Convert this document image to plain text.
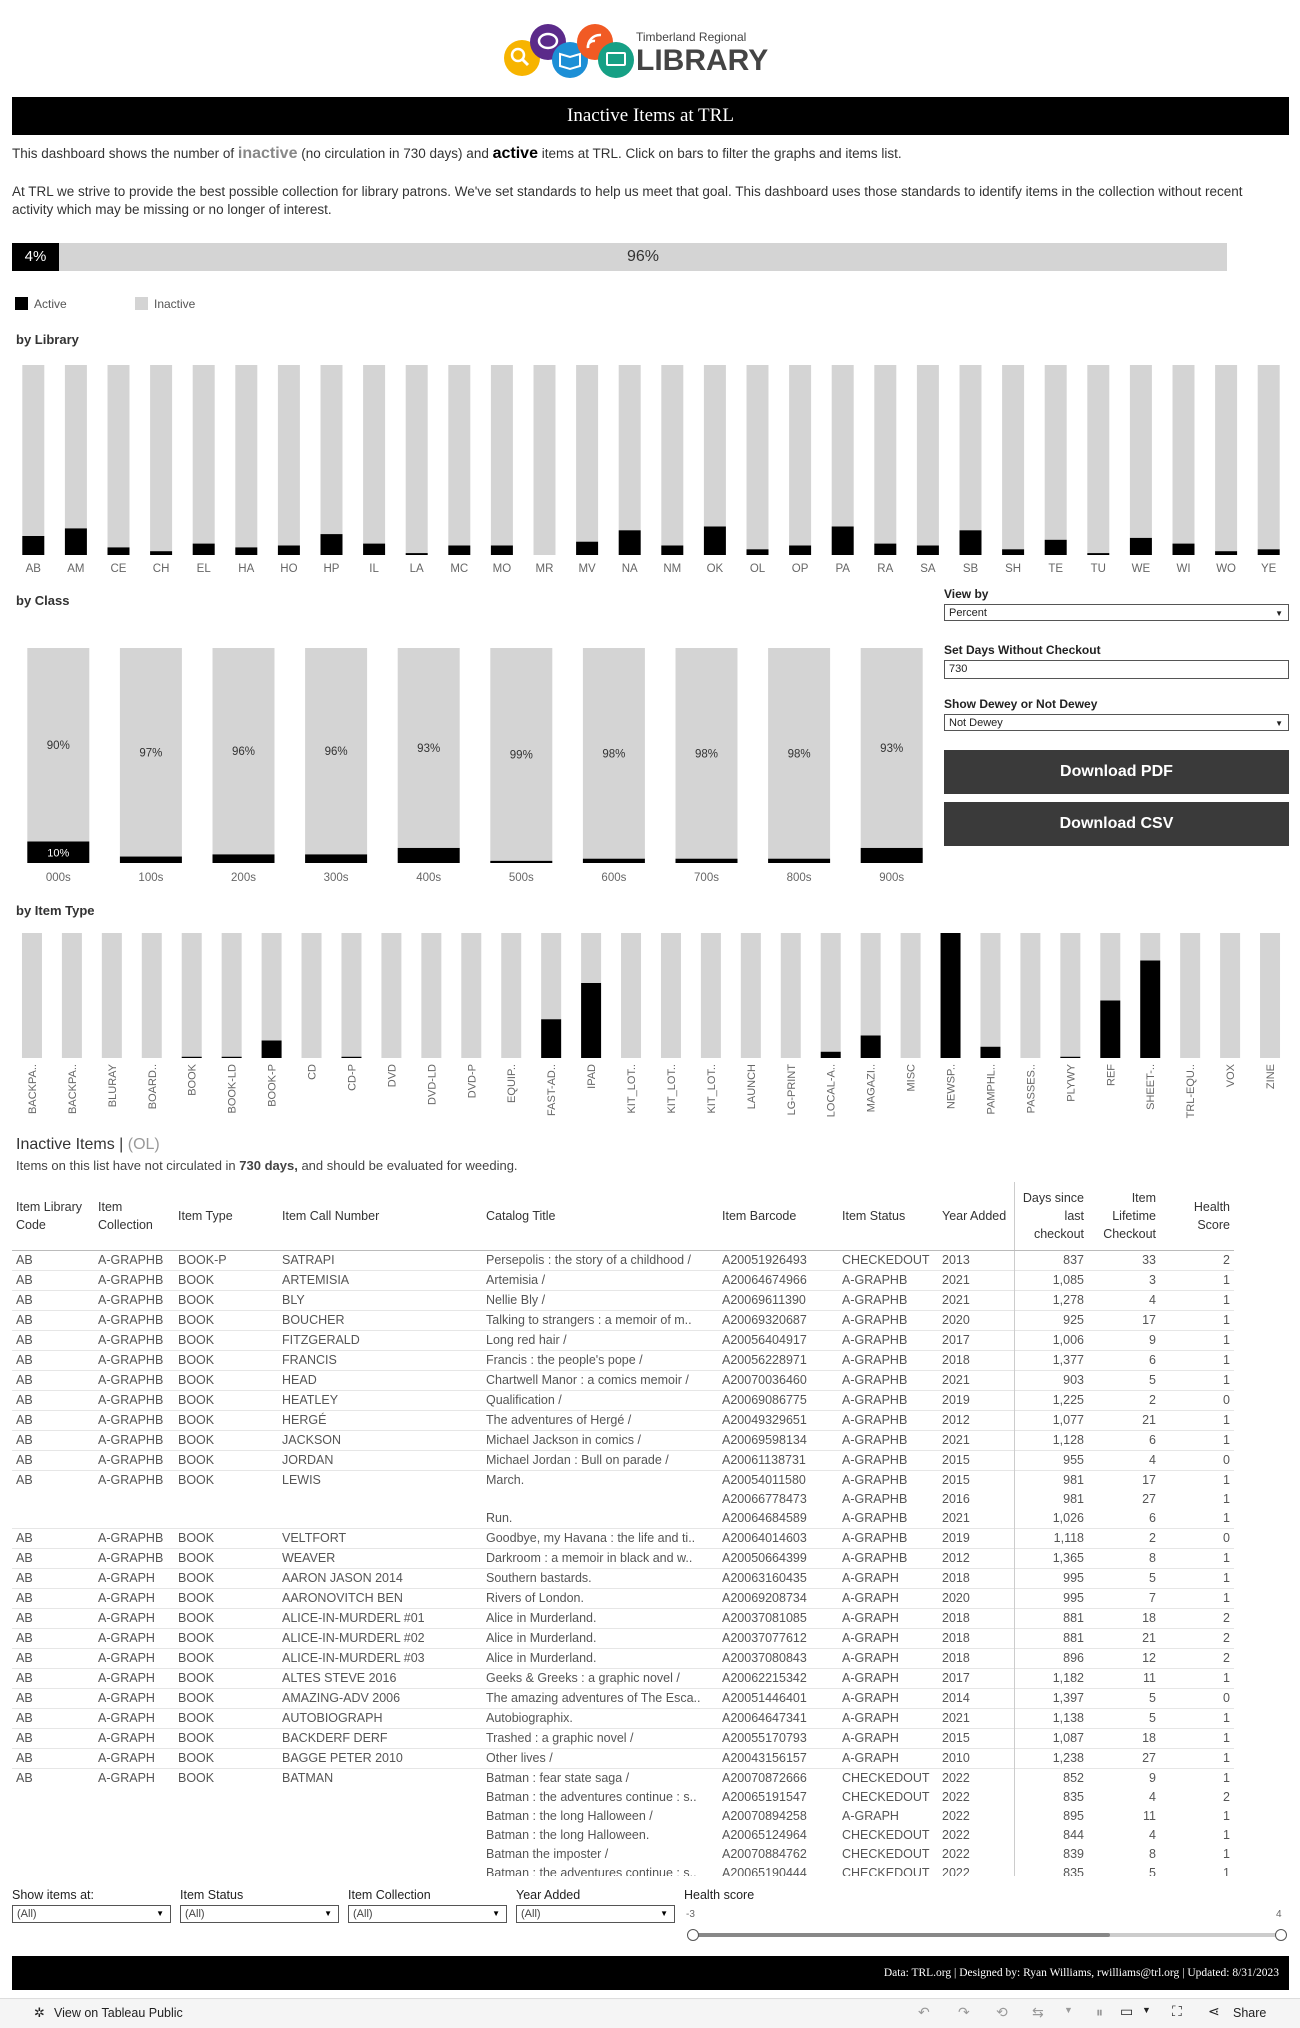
Timberland Regional
LIBRARY
Inactive Items at TRL
This dashboard shows the number of inactive (no circulation in 730 days) and active items at TRL. Click on bars to filter the graphs and items list.
At TRL we strive to provide the best possible collection for library patrons. We've set standards to help us meet that goal. This dashboard uses those standards to identify items in the collection without recent
activity which may be missing or no longer of interest.
4%	96%
Active	Inactive
by Library
AB AM CE CH EL HA HO HP	IL	LA MC MO MR MV NA NM OK OL OP PA RA SA SB SH TE TU WE WI WO YE
by Class
000s
90%
10%
100s
97%
200s
96%
300s
96%
400s
93%
500s
99%
600s
98%
700s
98%
800s
98%
900s
93%
View by
Percent	▼
Set Days Without Checkout
730
Show Dewey or Not Dewey
Not Dewey	▼
Download PDF
Download CSV
by Item Type
BACKPA..	BACKPA..	BLURAY	BOARD..	BOOK	BOOK-LD	BOOK-P	CD	CD-P	DVD	DVD-LD	DVD-P	EQUIP..	FAST-AD..	IPAD	KIT_LOT..	KIT_LOT..	KIT_LOT..	LAUNCH	LG-PRINT	LOCAL-A..	MAGAZI..	MISC	NEWSP..	PAMPHL..	PASSES..	PLYWY	REF	SHEET-..	TRL-EQU..	VOX	ZINE
Inactive Items | (OL)
Items on this list have not circulated in 730 days, and should be evaluated for weeding.
Item Library Code	Item Collection	Item Type	Item Call Number	Catalog Title	Item Barcode	Item Status	Year Added	Days since last checkout	Item Lifetime Checkout	Health Score
AB	A-GRAPHB	BOOK-P	SATRAPI	Persepolis : the story of a childhood /	A20051926493	CHECKEDOUT	2013	837	33	2
AB	A-GRAPHB	BOOK	ARTEMISIA	Artemisia /	A20064674966	A-GRAPHB	2021	1,085	3	1
AB	A-GRAPHB	BOOK	BLY	Nellie Bly /	A20069611390	A-GRAPHB	2021	1,278	4	1
AB	A-GRAPHB	BOOK	BOUCHER	Talking to strangers : a memoir of m..	A20069320687	A-GRAPHB	2020	925	17	1
AB	A-GRAPHB	BOOK	FITZGERALD	Long red hair /	A20056404917	A-GRAPHB	2017	1,006	9	1
AB	A-GRAPHB	BOOK	FRANCIS	Francis : the people's pope /	A20056228971	A-GRAPHB	2018	1,377	6	1
AB	A-GRAPHB	BOOK	HEAD	Chartwell Manor : a comics memoir /	A20070036460	A-GRAPHB	2021	903	5	1
AB	A-GRAPHB	BOOK	HEATLEY	Qualification /	A20069086775	A-GRAPHB	2019	1,225	2	0
AB	A-GRAPHB	BOOK	HERGÉ	The adventures of Hergé /	A20049329651	A-GRAPHB	2012	1,077	21	1
AB	A-GRAPHB	BOOK	JACKSON	Michael Jackson in comics /	A20069598134	A-GRAPHB	2021	1,128	6	1
AB	A-GRAPHB	BOOK	JORDAN	Michael Jordan : Bull on parade /	A20061138731	A-GRAPHB	2015	955	4	0
AB	A-GRAPHB	BOOK	LEWIS	March.	A20054011580	A-GRAPHB	2015	981	17	1
					A20066778473	A-GRAPHB	2016	981	27	1
				Run.	A20064684589	A-GRAPHB	2021	1,026	6	1
AB	A-GRAPHB	BOOK	VELTFORT	Goodbye, my Havana : the life and ti..	A20064014603	A-GRAPHB	2019	1,118	2	0
AB	A-GRAPHB	BOOK	WEAVER	Darkroom : a memoir in black and w..	A20050664399	A-GRAPHB	2012	1,365	8	1
AB	A-GRAPH	BOOK	AARON JASON 2014	Southern bastards.	A20063160435	A-GRAPH	2018	995	5	1
AB	A-GRAPH	BOOK	AARONOVITCH BEN	Rivers of London.	A20069208734	A-GRAPH	2020	995	7	1
AB	A-GRAPH	BOOK	ALICE-IN-MURDERL #01	Alice in Murderland.	A20037081085	A-GRAPH	2018	881	18	2
AB	A-GRAPH	BOOK	ALICE-IN-MURDERL #02	Alice in Murderland.	A20037077612	A-GRAPH	2018	881	21	2
AB	A-GRAPH	BOOK	ALICE-IN-MURDERL #03	Alice in Murderland.	A20037080843	A-GRAPH	2018	896	12	2
AB	A-GRAPH	BOOK	ALTES STEVE 2016	Geeks & Greeks : a graphic novel /	A20062215342	A-GRAPH	2017	1,182	11	1
AB	A-GRAPH	BOOK	AMAZING-ADV 2006	The amazing adventures of The Esca..	A20051446401	A-GRAPH	2014	1,397	5	0
AB	A-GRAPH	BOOK	AUTOBIOGRAPH	Autobiographix.	A20064647341	A-GRAPH	2021	1,138	5	1
AB	A-GRAPH	BOOK	BACKDERF DERF	Trashed : a graphic novel /	A20055170793	A-GRAPH	2015	1,087	18	1
AB	A-GRAPH	BOOK	BAGGE PETER 2010	Other lives /	A20043156157	A-GRAPH	2010	1,238	27	1
AB	A-GRAPH	BOOK	BATMAN	Batman : fear state saga /	A20070872666	CHECKEDOUT	2022	852	9	1
				Batman : the adventures continue : s..	A20065191547	CHECKEDOUT	2022	835	4	2
				Batman : the long Halloween /	A20070894258	A-GRAPH	2022	895	11	1
				Batman : the long Halloween.	A20065124964	CHECKEDOUT	2022	844	4	1
				Batman the imposter /	A20070884762	CHECKEDOUT	2022	839	8	1
				Batman : the adventures continue : s..	A20065190444	CHECKEDOUT	2022	835	5	1
Show items at:
(All)	▼
Item Status
(All)	▼
Item Collection
(All)	▼
Year Added
(All)	▼
Health score
-3	4
Data: TRL.org | Designed by: Ryan Williams, rwilliams@trl.org | Updated: 8/31/2023
✲ View on Tableau Public	↶ ↷ ⟲ ⇆ ▼ ⏸ ▭ ▼ ⛶ ⋖ Share
